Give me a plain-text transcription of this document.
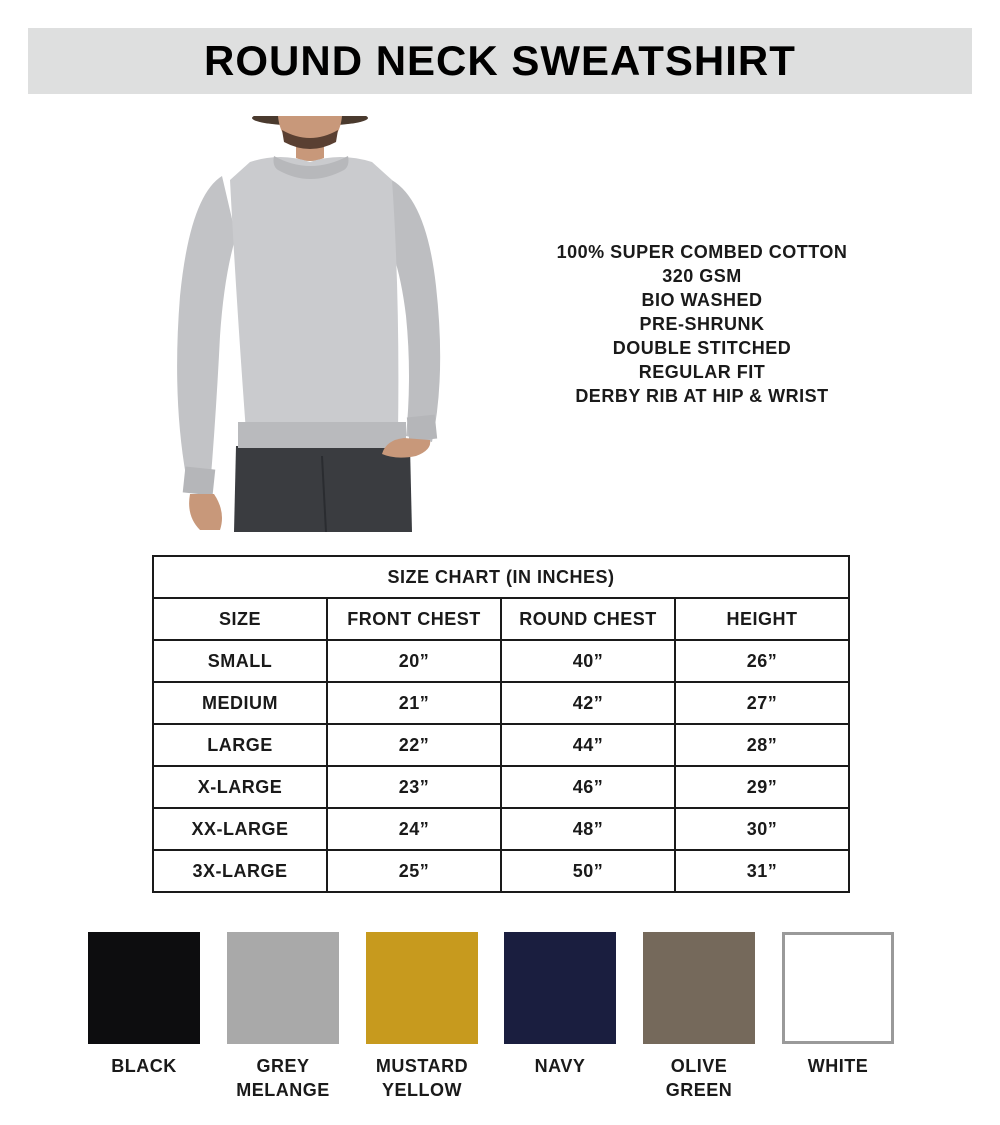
ROUND NECK SWEATSHIRT
100% SUPER COMBED COTTON
320 GSM
BIO WASHED
PRE-SHRUNK
DOUBLE STITCHED
REGULAR FIT
DERBY RIB AT HIP & WRIST
SIZE CHART (IN INCHES)			
SIZE	FRONT CHEST	ROUND CHEST	HEIGHT
SMALL	20”	40”	26”
MEDIUM	21”	42”	27”
LARGE	22”	44”	28”
X-LARGE	23”	46”	29”
XX-LARGE	24”	48”	30”
3X-LARGE	25”	50”	31”
BLACK	GREY
MELANGE
MUSTARD
YELLOW
NAVY	OLIVE
GREEN
WHITE
